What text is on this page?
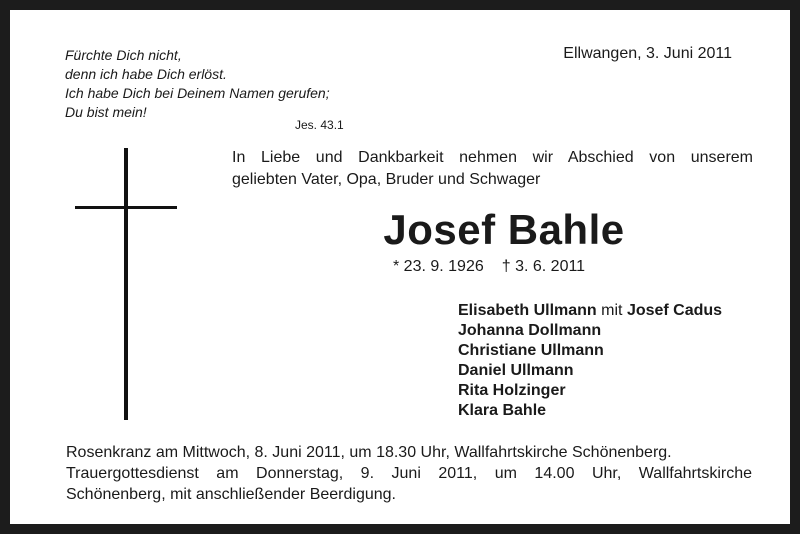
Fürchte Dich nicht,
denn ich habe Dich erlöst.
Ich habe Dich bei Deinem Namen gerufen;
Du bist mein!
Jes. 43.1
Ellwangen, 3. Juni 2011
In Liebe und Dankbarkeit nehmen wir Abschied von unserem
geliebten Vater, Opa, Bruder und Schwager
Josef Bahle
* 23. 9. 1926 † 3. 6. 2011
Elisabeth Ullmann mit Josef Cadus
Johanna Dollmann
Christiane Ullmann
Daniel Ullmann
Rita Holzinger
Klara Bahle
Rosenkranz am Mittwoch, 8. Juni 2011, um 18.30 Uhr, Wallfahrtskirche Schönenberg.
Trauergottesdienst am Donnerstag, 9. Juni 2011, um 14.00 Uhr, Wallfahrtskirche
Schönenberg, mit anschließender Beerdigung.
